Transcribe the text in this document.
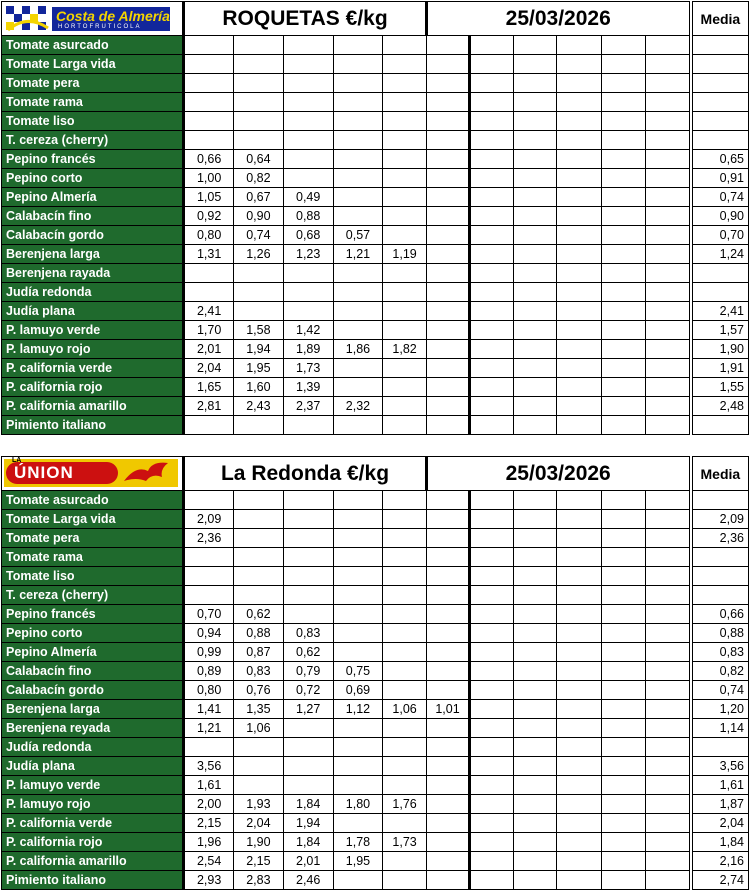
Costa de Almería
HORTOFRUTICOLA	ROQUETAS €/kg					25/03/2026							Media
Tomate asurcado													
Tomate Larga vida													
Tomate pera													
Tomate rama													
Tomate liso													
T. cereza (cherry)													
Pepino francés	0,66	0,64											0,65
Pepino corto	1,00	0,82											0,91
Pepino Almería	1,05	0,67	0,49										0,74
Calabacín fino	0,92	0,90	0,88										0,90
Calabacín gordo	0,80	0,74	0,68	0,57									0,70
Berenjena larga	1,31	1,26	1,23	1,21	1,19								1,24
Berenjena rayada													
Judía redonda													
Judía plana	2,41												2,41
P. lamuyo verde	1,70	1,58	1,42										1,57
P. lamuyo rojo	2,01	1,94	1,89	1,86	1,82								1,90
P. california verde	2,04	1,95	1,73										1,91
P. california rojo	1,65	1,60	1,39										1,55
P. california amarillo	2,81	2,43	2,37	2,32									2,48
Pimiento italiano													
LA
ÚNION	La Redonda €/kg					25/03/2026							Media
Tomate asurcado													
Tomate Larga vida	2,09												2,09
Tomate pera	2,36												2,36
Tomate rama													
Tomate liso													
T. cereza (cherry)													
Pepino francés	0,70	0,62											0,66
Pepino corto	0,94	0,88	0,83										0,88
Pepino Almería	0,99	0,87	0,62										0,83
Calabacín fino	0,89	0,83	0,79	0,75									0,82
Calabacín gordo	0,80	0,76	0,72	0,69									0,74
Berenjena larga	1,41	1,35	1,27	1,12	1,06	1,01							1,20
Berenjena reyada	1,21	1,06											1,14
Judía redonda													
Judía plana	3,56												3,56
P. lamuyo verde	1,61												1,61
P. lamuyo rojo	2,00	1,93	1,84	1,80	1,76								1,87
P. california verde	2,15	2,04	1,94										2,04
P. california rojo	1,96	1,90	1,84	1,78	1,73								1,84
P. california amarillo	2,54	2,15	2,01	1,95									2,16
Pimiento italiano	2,93	2,83	2,46										2,74
